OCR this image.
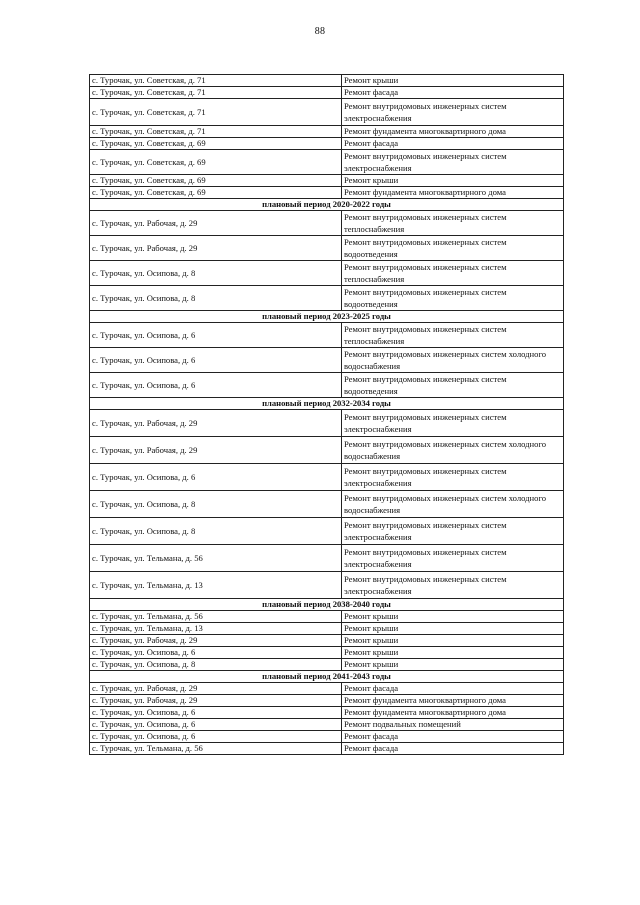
88
с. Турочак, ул. Советская, д. 71	Ремонт крыши
с. Турочак, ул. Советская, д. 71	Ремонт фасада
с. Турочак, ул. Советская, д. 71	Ремонт внутридомовых инженерных систем электроснабжения
с. Турочак, ул. Советская, д. 71	Ремонт фундамента многоквартирного дома
с. Турочак, ул. Советская, д. 69	Ремонт фасада
с. Турочак, ул. Советская, д. 69	Ремонт внутридомовых инженерных систем электроснабжения
с. Турочак, ул. Советская, д. 69	Ремонт крыши
с. Турочак, ул. Советская, д. 69	Ремонт фундамента многоквартирного дома
плановый период 2020-2022 годы	
с. Турочак, ул. Рабочая, д. 29	Ремонт внутридомовых инженерных систем теплоснабжения
с. Турочак, ул. Рабочая, д. 29	Ремонт внутридомовых инженерных систем водоотведения
с. Турочак, ул. Осипова, д. 8	Ремонт внутридомовых инженерных систем теплоснабжения
с. Турочак, ул. Осипова, д. 8	Ремонт внутридомовых инженерных систем водоотведения
плановый период 2023-2025 годы	
с. Турочак, ул. Осипова, д. 6	Ремонт внутридомовых инженерных систем теплоснабжения
с. Турочак, ул. Осипова, д. 6	Ремонт внутридомовых инженерных систем холодного водоснабжения
с. Турочак, ул. Осипова, д. 6	Ремонт внутридомовых инженерных систем водоотведения
плановый период 2032-2034 годы	
с. Турочак, ул. Рабочая, д. 29	Ремонт внутридомовых инженерных систем электроснабжения
с. Турочак, ул. Рабочая, д. 29	Ремонт внутридомовых инженерных систем холодного водоснабжения
с. Турочак, ул. Осипова, д. 6	Ремонт внутридомовых инженерных систем электроснабжения
с. Турочак, ул. Осипова, д. 8	Ремонт внутридомовых инженерных систем холодного водоснабжения
с. Турочак, ул. Осипова, д. 8	Ремонт внутридомовых инженерных систем электроснабжения
с. Турочак, ул. Тельмана, д. 56	Ремонт внутридомовых инженерных систем электроснабжения
с. Турочак, ул. Тельмана, д. 13	Ремонт внутридомовых инженерных систем электроснабжения
плановый период 2038-2040 годы	
с. Турочак, ул. Тельмана, д. 56	Ремонт крыши
с. Турочак, ул. Тельмана, д. 13	Ремонт крыши
с. Турочак, ул. Рабочая, д. 29	Ремонт крыши
с. Турочак, ул. Осипова, д. 6	Ремонт крыши
с. Турочак, ул. Осипова, д. 8	Ремонт крыши
плановый период 2041-2043 годы	
с. Турочак, ул. Рабочая, д. 29	Ремонт фасада
с. Турочак, ул. Рабочая, д. 29	Ремонт фундамента многоквартирного дома
с. Турочак, ул. Осипова, д. 6	Ремонт фундамента многоквартирного дома
с. Турочак, ул. Осипова, д. 6	Ремонт подвальных помещений
с. Турочак, ул. Осипова, д. 6	Ремонт фасада
с. Турочак, ул. Тельмана, д. 56	Ремонт фасада
